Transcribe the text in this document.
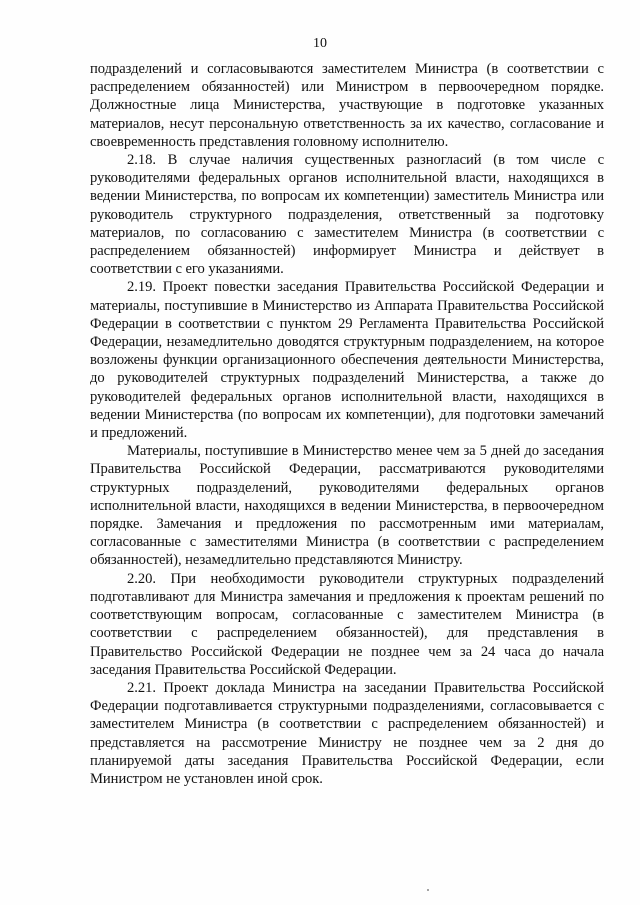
10

подразделений и согласовываются заместителем Министра (в соответствии с распределением обязанностей) или Министром в первоочередном порядке. Должностные лица Министерства, участвующие в подготовке указанных материалов, несут персональную ответственность за их качество, согласование и своевременность представления головному исполнителю.

2.18. В случае наличия существенных разногласий (в том числе с руководителями федеральных органов исполнительной власти, находящихся в ведении Министерства, по вопросам их компетенции) заместитель Министра или руководитель структурного подразделения, ответственный за подготовку материалов, по согласованию с заместителем Министра (в соответствии с распределением обязанностей) информирует Министра и действует в соответствии с его указаниями.

2.19. Проект повестки заседания Правительства Российской Федерации и материалы, поступившие в Министерство из Аппарата Правительства Российской Федерации в соответствии с пунктом 29 Регламента Правительства Российской Федерации, незамедлительно доводятся структурным подразделением, на которое возложены функции организационного обеспечения деятельности Министерства, до руководителей структурных подразделений Министерства, а также до руководителей федеральных органов исполнительной власти, находящихся в ведении Министерства (по вопросам их компетенции), для подготовки замечаний и предложений.

Материалы, поступившие в Министерство менее чем за 5 дней до заседания Правительства Российской Федерации, рассматриваются руководителями структурных подразделений, руководителями федеральных органов исполнительной власти, находящихся в ведении Министерства, в первоочередном порядке. Замечания и предложения по рассмотренным ими материалам, согласованные с заместителями Министра (в соответствии с распределением обязанностей), незамедлительно представляются Министру.

2.20. При необходимости руководители структурных подразделений подготавливают для Министра замечания и предложения к проектам решений по соответствующим вопросам, согласованные с заместителем Министра (в соответствии с распределением обязанностей), для представления в Правительство Российской Федерации не позднее чем за 24 часа до начала заседания Правительства Российской Федерации.

2.21. Проект доклада Министра на заседании Правительства Российской Федерации подготавливается структурными подразделениями, согласовывается с заместителем Министра (в соответствии с распределением обязанностей) и представляется на рассмотрение Министру не позднее чем за 2 дня до планируемой даты заседания Правительства Российской Федерации, если Министром не установлен иной срок.
